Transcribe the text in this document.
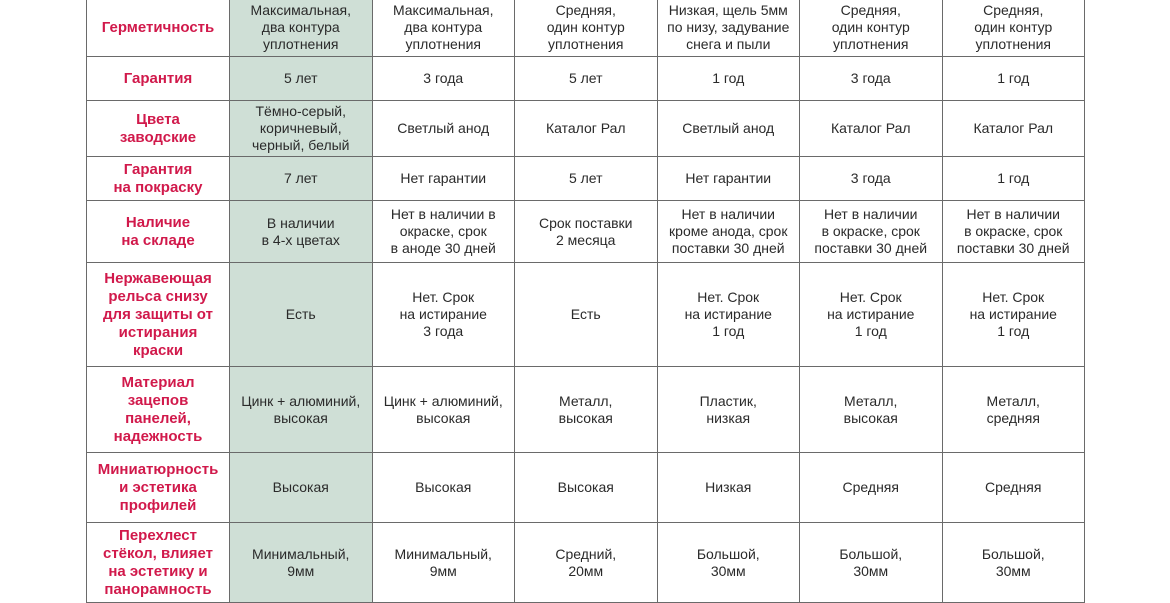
Герметичность	Максимальная,
два контура
уплотнения	Максимальная,
два контура
уплотнения	Средняя,
один контур
уплотнения	Низкая, щель 5мм
по низу, задувание
снега и пыли	Средняя,
один контур
уплотнения	Средняя,
один контур
уплотнения
Гарантия	5 лет	3 года	5 лет	1 год	3 года	1 год
Цвета
заводские	Тёмно-серый,
коричневый,
черный, белый	Светлый анод	Каталог Рал	Светлый анод	Каталог Рал	Каталог Рал
Гарантия
на покраску	7 лет	Нет гарантии	5 лет	Нет гарантии	3 года	1 год
Наличие
на складе	В наличии
в 4-х цветах	Нет в наличии в
окраске, срок
в аноде 30 дней	Срок поставки
2 месяца	Нет в наличии
кроме анода, срок
поставки 30 дней	Нет в наличии
в окраске, срок
поставки 30 дней	Нет в наличии
в окраске, срок
поставки 30 дней
Нержавеющая
рельса снизу
для защиты от
истирания
краски	Есть	Нет. Срок
на истирание
3 года	Есть	Нет. Срок
на истирание
1 год	Нет. Срок
на истирание
1 год	Нет. Срок
на истирание
1 год
Материал
зацепов
панелей,
надежность	Цинк + алюминий,
высокая	Цинк + алюминий,
высокая	Металл,
высокая	Пластик,
низкая	Металл,
высокая	Металл,
средняя
Миниатюрность
и эстетика
профилей	Высокая	Высокая	Высокая	Низкая	Средняя	Средняя
Перехлест
стёкол, влияет
на эстетику и
панорамность	Минимальный,
9мм	Минимальный,
9мм	Средний,
20мм	Большой,
30мм	Большой,
30мм	Большой,
30мм
